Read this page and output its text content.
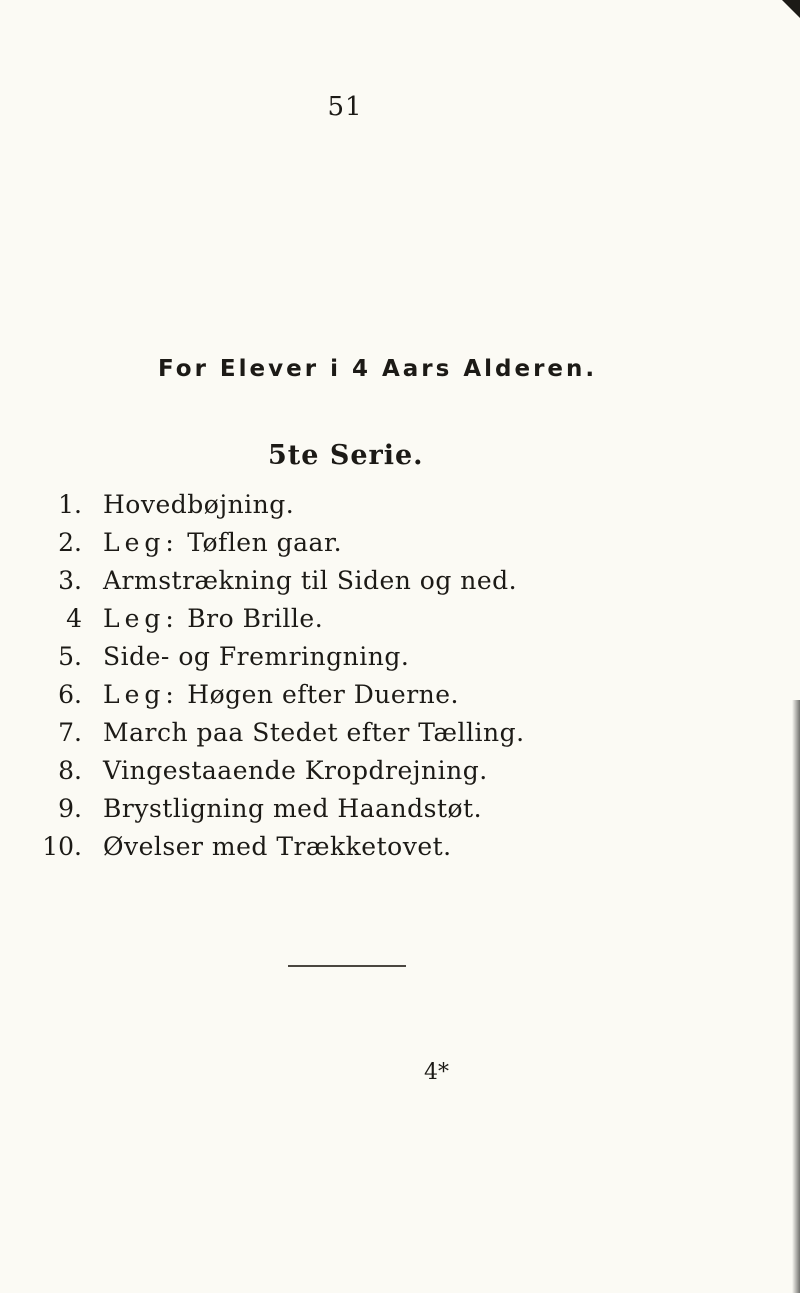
51
For Elever i 4 Aars Alderen.
5te Serie.
1. Hovedbøjning.
2. Leg: Tøflen gaar.
3. Armstrækning til Siden og ned.
4 Leg: Bro Brille.
5. Side- og Fremringning.
6. Leg: Høgen efter Duerne.
7. March paa Stedet efter Tælling.
8. Vingestaaende Kropdrejning.
9. Brystligning med Haandstøt.
10. Øvelser med Trækketovet.
4*
